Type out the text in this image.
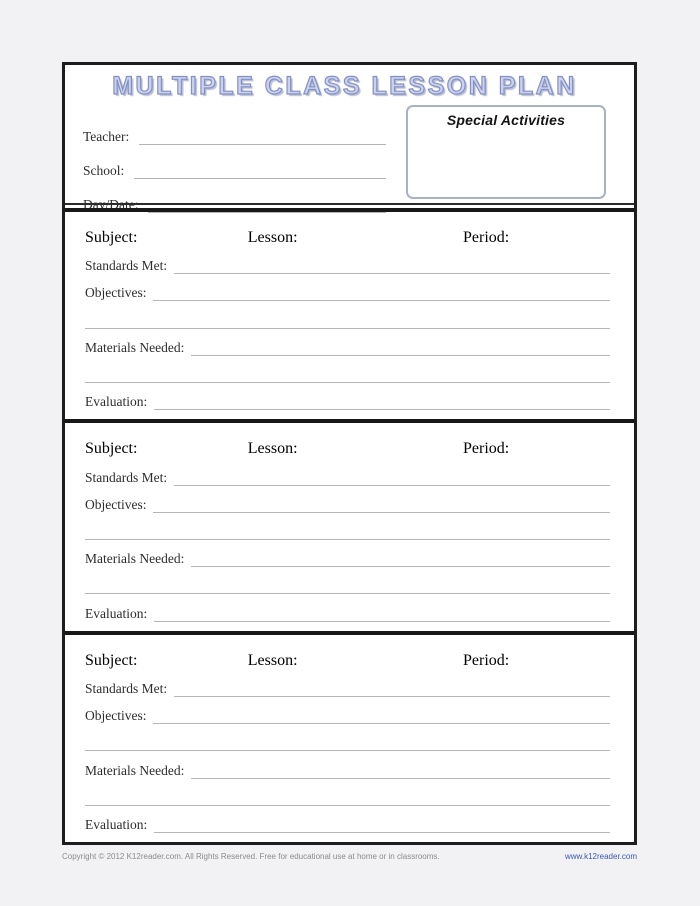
MULTIPLE CLASS LESSON PLAN
Teacher:
School:
Day/Date:
Special Activities
Subject:	Lesson:	Period:
Standards Met:
Objectives:
Materials Needed:
Evaluation:
Subject:	Lesson:	Period:
Standards Met:
Objectives:
Materials Needed:
Evaluation:
Subject:	Lesson:	Period:
Standards Met:
Objectives:
Materials Needed:
Evaluation:
Copyright © 2012 K12reader.com. All Rights Reserved. Free for educational use at home or in classrooms.	www.k12reader.com
